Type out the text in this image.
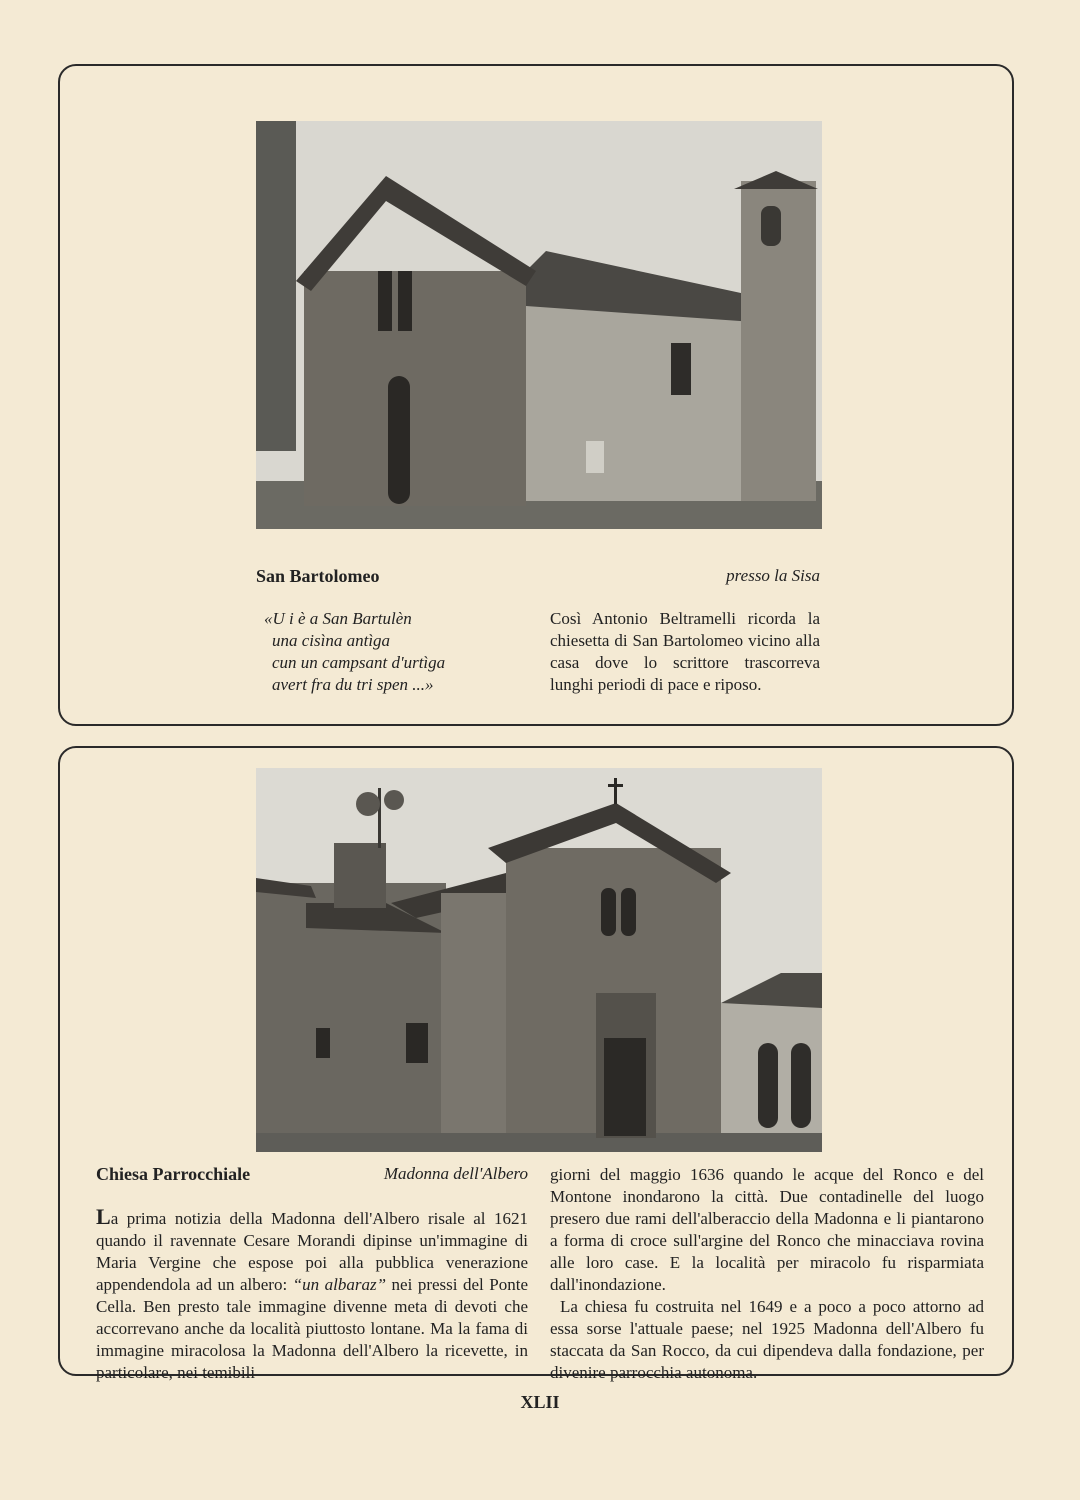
San Bartolomeo	presso la Sisa
«U i è a San Bartulèn
una cisìna antìga
cun un campsant d'urtìga
avert fra du tri spen ...»
Così Antonio Beltramelli ricorda la chiesetta di San Bartolomeo vicino alla casa dove lo scrittore trascorreva lunghi periodi di pace e riposo.
Chiesa Parrocchiale	Madonna dell'Albero

La prima notizia della Madonna dell'Albero risale al 1621 quando il ravennate Cesare Morandi dipinse un'immagine di Maria Vergine che espose poi alla pubblica venerazione appendendola ad un albero: “un albaraz” nei pressi del Ponte Cella. Ben presto tale immagine divenne meta di devoti che accorrevano anche da località piuttosto lontane. Ma la fama di immagine miracolosa la Madonna dell'Albero la ricevette, in particolare, nei temibili

giorni del maggio 1636 quando le acque del Ronco e del Montone inondarono la città. Due contadinelle del luogo presero due rami dell'alberaccio della Madonna e li piantarono a forma di croce sull'argine del Ronco che minacciava rovina alle loro case. E la località per miracolo fu risparmiata dall'inondazione.

La chiesa fu costruita nel 1649 e a poco a poco attorno ad essa sorse l'attuale paese; nel 1925 Madonna dell'Albero fu staccata da San Rocco, da cui dipendeva dalla fondazione, per divenire parrocchia autonoma.

XLII
